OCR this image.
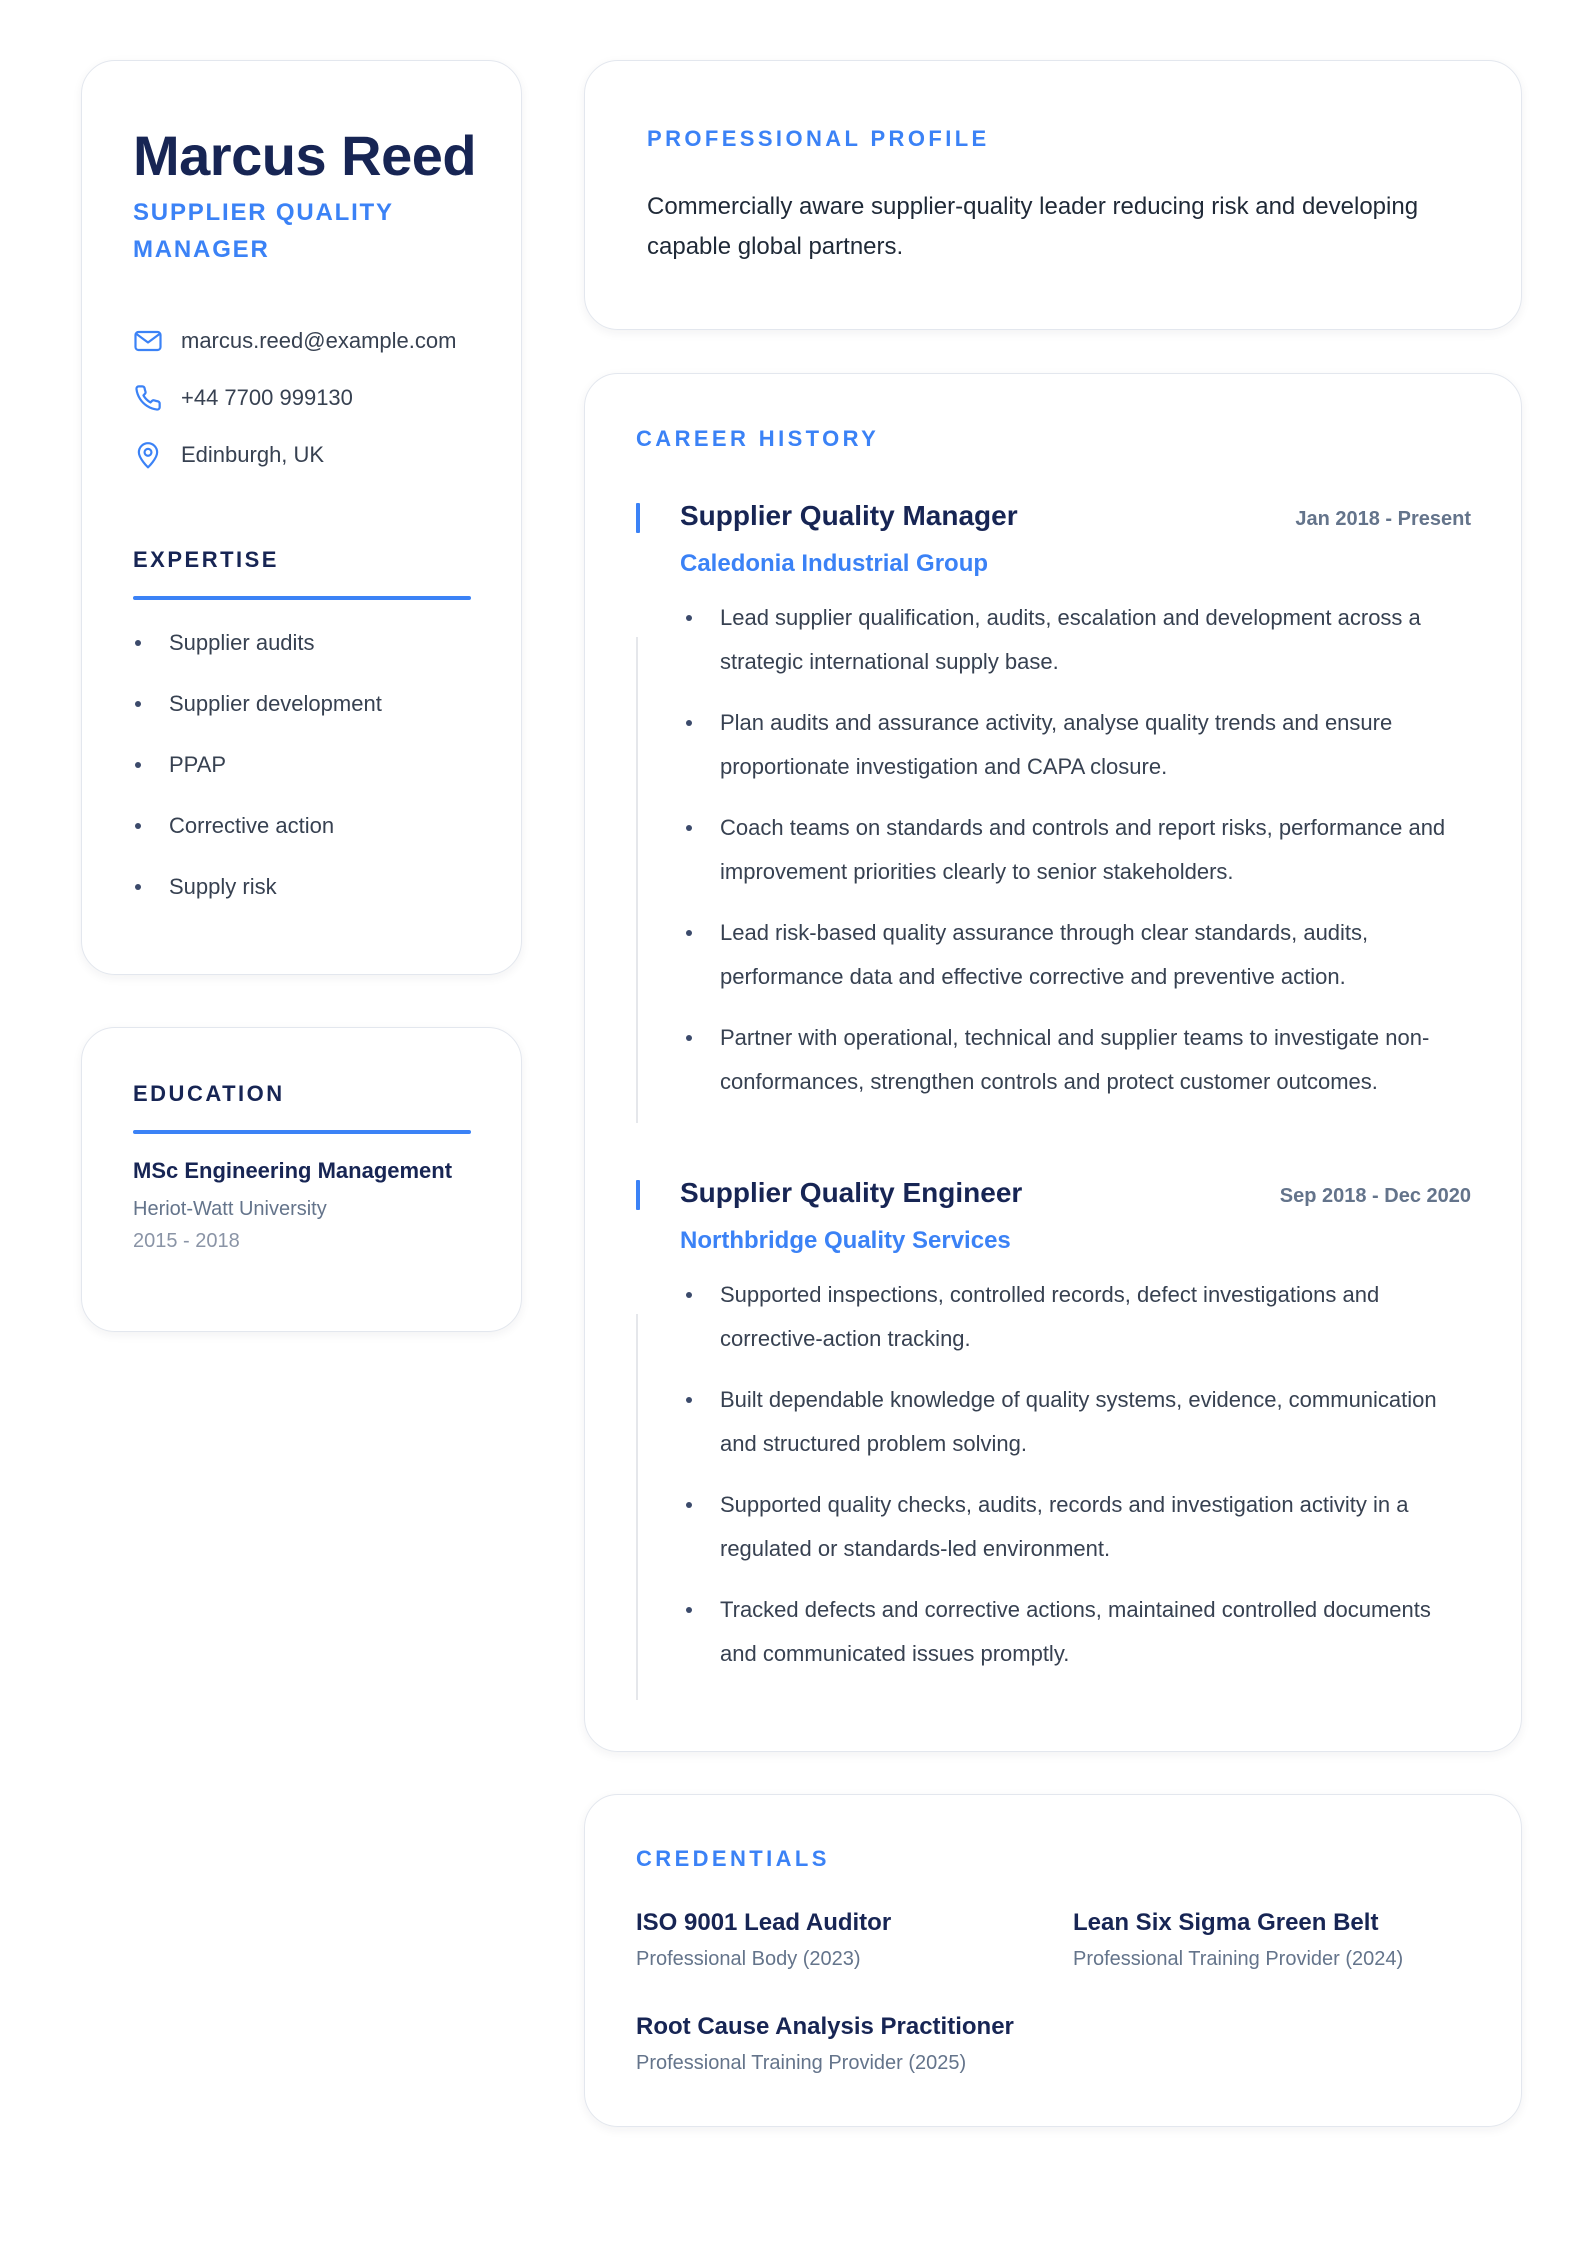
Marcus Reed
SUPPLIER QUALITY MANAGER
marcus.reed@example.com
+44 7700 999130
Edinburgh, UK
EXPERTISE
Supplier audits
Supplier development
PPAP
Corrective action
Supply risk
EDUCATION
MSc Engineering Management
Heriot-Watt University
2015 - 2018
PROFESSIONAL PROFILE
Commercially aware supplier-quality leader reducing risk and developing capable global partners.
CAREER HISTORY
Supplier Quality Manager	Jan 2018 - Present
Caledonia Industrial Group
Lead supplier qualification, audits, escalation and development across a strategic international supply base.
Plan audits and assurance activity, analyse quality trends and ensure proportionate investigation and CAPA closure.
Coach teams on standards and controls and report risks, performance and improvement priorities clearly to senior stakeholders.
Lead risk-based quality assurance through clear standards, audits, performance data and effective corrective and preventive action.
Partner with operational, technical and supplier teams to investigate non-conformances, strengthen controls and protect customer outcomes.
Supplier Quality Engineer	Sep 2018 - Dec 2020
Northbridge Quality Services
Supported inspections, controlled records, defect investigations and corrective-action tracking.
Built dependable knowledge of quality systems, evidence, communication and structured problem solving.
Supported quality checks, audits, records and investigation activity in a regulated or standards-led environment.
Tracked defects and corrective actions, maintained controlled documents and communicated issues promptly.
CREDENTIALS
ISO 9001 Lead Auditor
Professional Body (2023)
Lean Six Sigma Green Belt
Professional Training Provider (2024)
Root Cause Analysis Practitioner
Professional Training Provider (2025)
